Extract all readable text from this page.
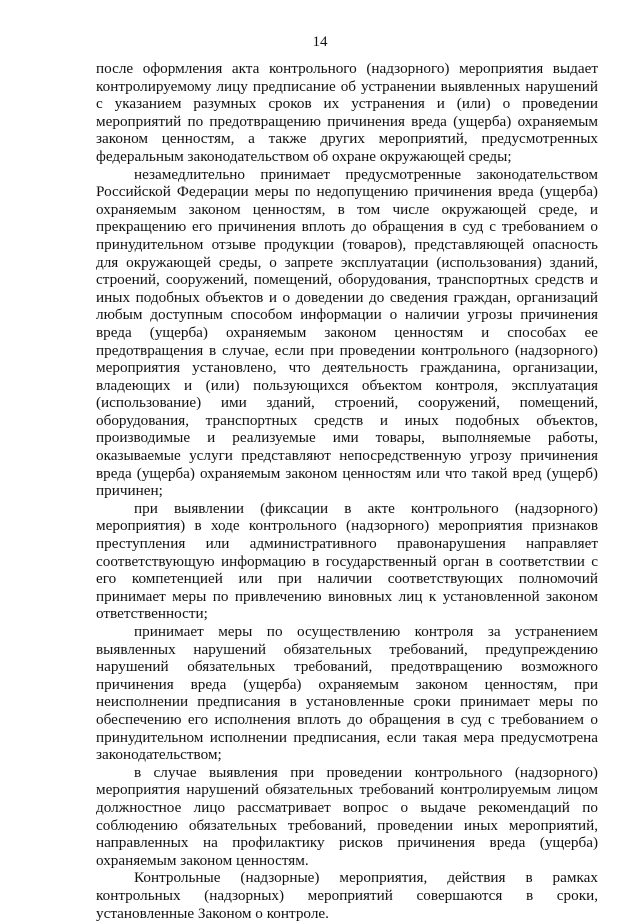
14

после оформления акта контрольного (надзорного) мероприятия выдает контролируемому лицу предписание об устранении выявленных нарушений с указанием разумных сроков их устранения и (или) о проведении мероприятий по предотвращению причинения вреда (ущерба) охраняемым законом ценностям, а также других мероприятий, предусмотренных федеральным законодательством об охране окружающей среды;

незамедлительно принимает предусмотренные законодательством Российской Федерации меры по недопущению причинения вреда (ущерба) охраняемым законом ценностям, в том числе окружающей среде, и прекращению его причинения вплоть до обращения в суд с требованием о принудительном отзыве продукции (товаров), представляющей опасность для окружающей среды, о запрете эксплуатации (использования) зданий, строений, сооружений, помещений, оборудования, транспортных средств и иных подобных объектов и о доведении до сведения граждан, организаций любым доступным способом информации о наличии угрозы причинения вреда (ущерба) охраняемым законом ценностям и способах ее предотвращения в случае, если при проведении контрольного (надзорного) мероприятия установлено, что деятельность гражданина, организации, владеющих и (или) пользующихся объектом контроля, эксплуатация (использование) ими зданий, строений, сооружений, помещений, оборудования, транспортных средств и иных подобных объектов, производимые и реализуемые ими товары, выполняемые работы, оказываемые услуги представляют непосредственную угрозу причинения вреда (ущерба) охраняемым законом ценностям или что такой вред (ущерб) причинен;

при выявлении (фиксации в акте контрольного (надзорного) мероприятия) в ходе контрольного (надзорного) мероприятия признаков преступления или административного правонарушения направляет соответствующую информацию в государственный орган в соответствии с его компетенцией или при наличии соответствующих полномочий принимает меры по привлечению виновных лиц к установленной законом ответственности;

принимает меры по осуществлению контроля за устранением выявленных нарушений обязательных требований, предупреждению нарушений обязательных требований, предотвращению возможного причинения вреда (ущерба) охраняемым законом ценностям, при неисполнении предписания в установленные сроки принимает меры по обеспечению его исполнения вплоть до обращения в суд с требованием о принудительном исполнении предписания, если такая мера предусмотрена законодательством;

в случае выявления при проведении контрольного (надзорного) мероприятия нарушений обязательных требований контролируемым лицом должностное лицо рассматривает вопрос о выдаче рекомендаций по соблюдению обязательных требований, проведении иных мероприятий, направленных на профилактику рисков причинения вреда (ущерба) охраняемым законом ценностям.

Контрольные (надзорные) мероприятия, действия в рамках контрольных (надзорных) мероприятий совершаются в сроки, установленные Законом о контроле.
